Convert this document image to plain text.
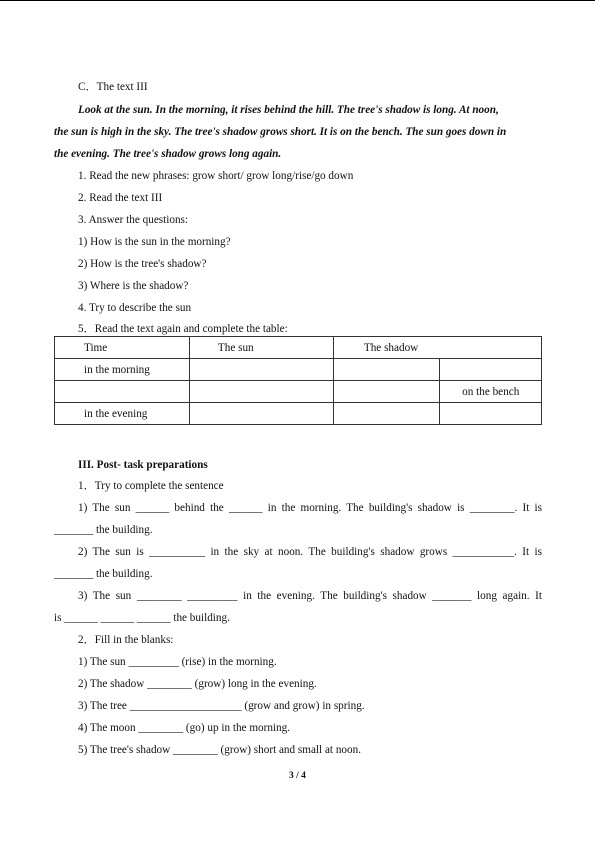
C．The text III
Look at the sun. In the morning, it rises behind the hill. The tree's shadow is long. At noon,
the sun is high in the sky. The tree's shadow grows short. It is on the bench. The sun goes down in
the evening. The tree's shadow grows long again.
1. Read the new phrases: grow short/ grow long/rise/go down
2. Read the text III
3. Answer the questions:
1) How is the sun in the morning?
2) How is the tree's shadow?
3) Where is the shadow?
4. Try to describe the sun
5．Read the text again and complete the table:
Time	The sun	The shadow	
in the morning			
			on the bench
in the evening			
III. Post- task preparations
1．Try to complete the sentence
1) The sun ______ behind the ______ in the morning. The building's shadow is ________. It is
_______ the building.
2) The sun is __________ in the sky at noon. The building's shadow grows ___________. It is
_______ the building.
3) The sun ________ _________ in the evening. The building's shadow _______ long again. It
is ______ ______ ______ the building.
2．Fill in the blanks:
1) The sun _________ (rise) in the morning.
2) The shadow ________ (grow) long in the evening.
3) The tree ____________________ (grow and grow) in spring.
4) The moon ________ (go) up in the morning.
5) The tree's shadow ________ (grow) short and small at noon.
3 / 4
